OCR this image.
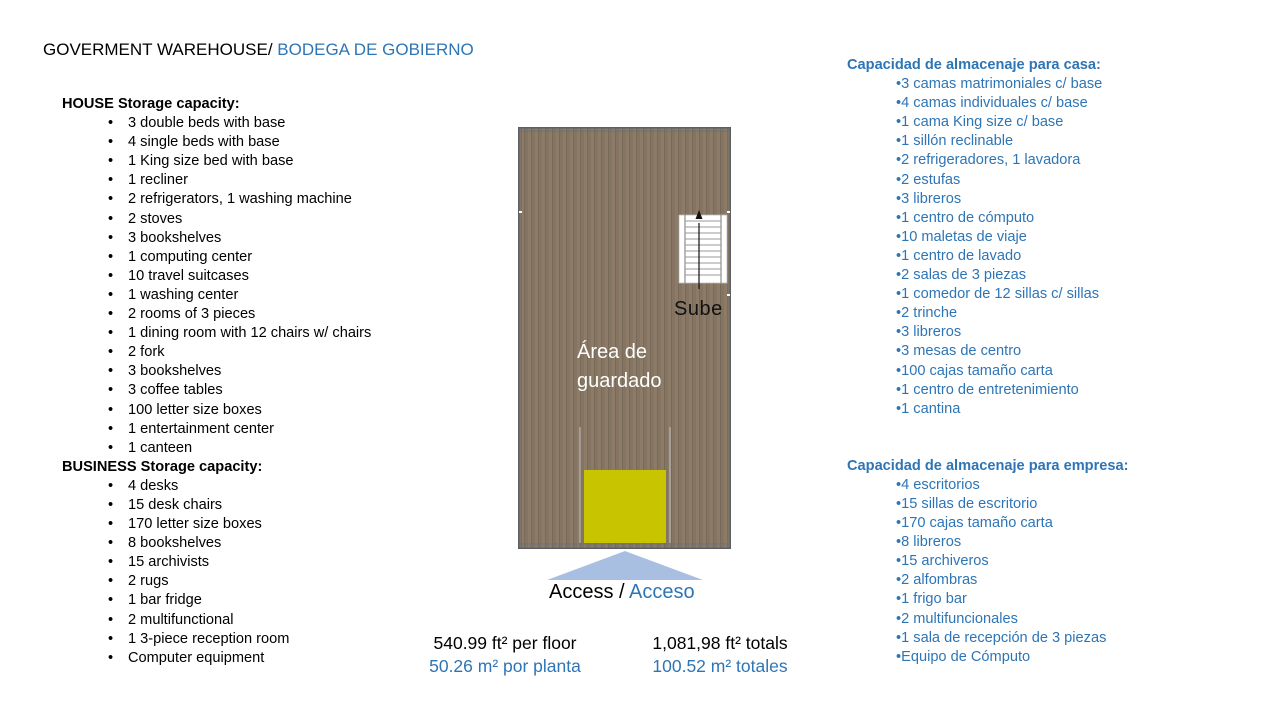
GOVERMENT WAREHOUSE/ BODEGA DE GOBIERNO
HOUSE Storage capacity:
• 3 double beds with base
• 4 single beds with base
• 1 King size bed with base
• 1 recliner
• 2 refrigerators, 1 washing machine
• 2 stoves
• 3 bookshelves
• 1 computing center
• 10 travel suitcases
• 1 washing center
• 2 rooms of 3 pieces
• 1 dining room with 12 chairs w/ chairs
• 2 fork
• 3 bookshelves
• 3 coffee tables
• 100 letter size boxes
• 1 entertainment center
• 1 canteen
BUSINESS Storage capacity:
• 4 desks
• 15 desk chairs
• 170 letter size boxes
• 8 bookshelves
• 15 archivists
• 2 rugs
• 1 bar fridge
• 2 multifunctional
• 1 3-piece reception room
• Computer equipment
Capacidad de almacenaje para casa:
•3 camas matrimoniales c/ base
•4 camas individuales c/ base
•1 cama King size c/ base
•1 sillón reclinable
•2 refrigeradores, 1 lavadora
•2 estufas
•3 libreros
•1 centro de cómputo
•10 maletas de viaje
•1 centro de lavado
•2 salas de 3 piezas
•1 comedor de 12 sillas c/ sillas
•2 trinche
•3 libreros
•3 mesas de centro
•100 cajas tamaño carta
•1 centro de entretenimiento
•1 cantina
Capacidad de almacenaje para empresa:
•4 escritorios
•15 sillas de escritorio
•170 cajas tamaño carta
•8 libreros
•15 archiveros
•2 alfombras
•1 frigo bar
•2 multifuncionales
•1 sala de recepción de 3 piezas
•Equipo de Cómputo
Sube
Área de
guardado
Access / Acceso
540.99 ft² per floor
50.26 m² por planta
1,081,98 ft² totals
100.52 m² totales
